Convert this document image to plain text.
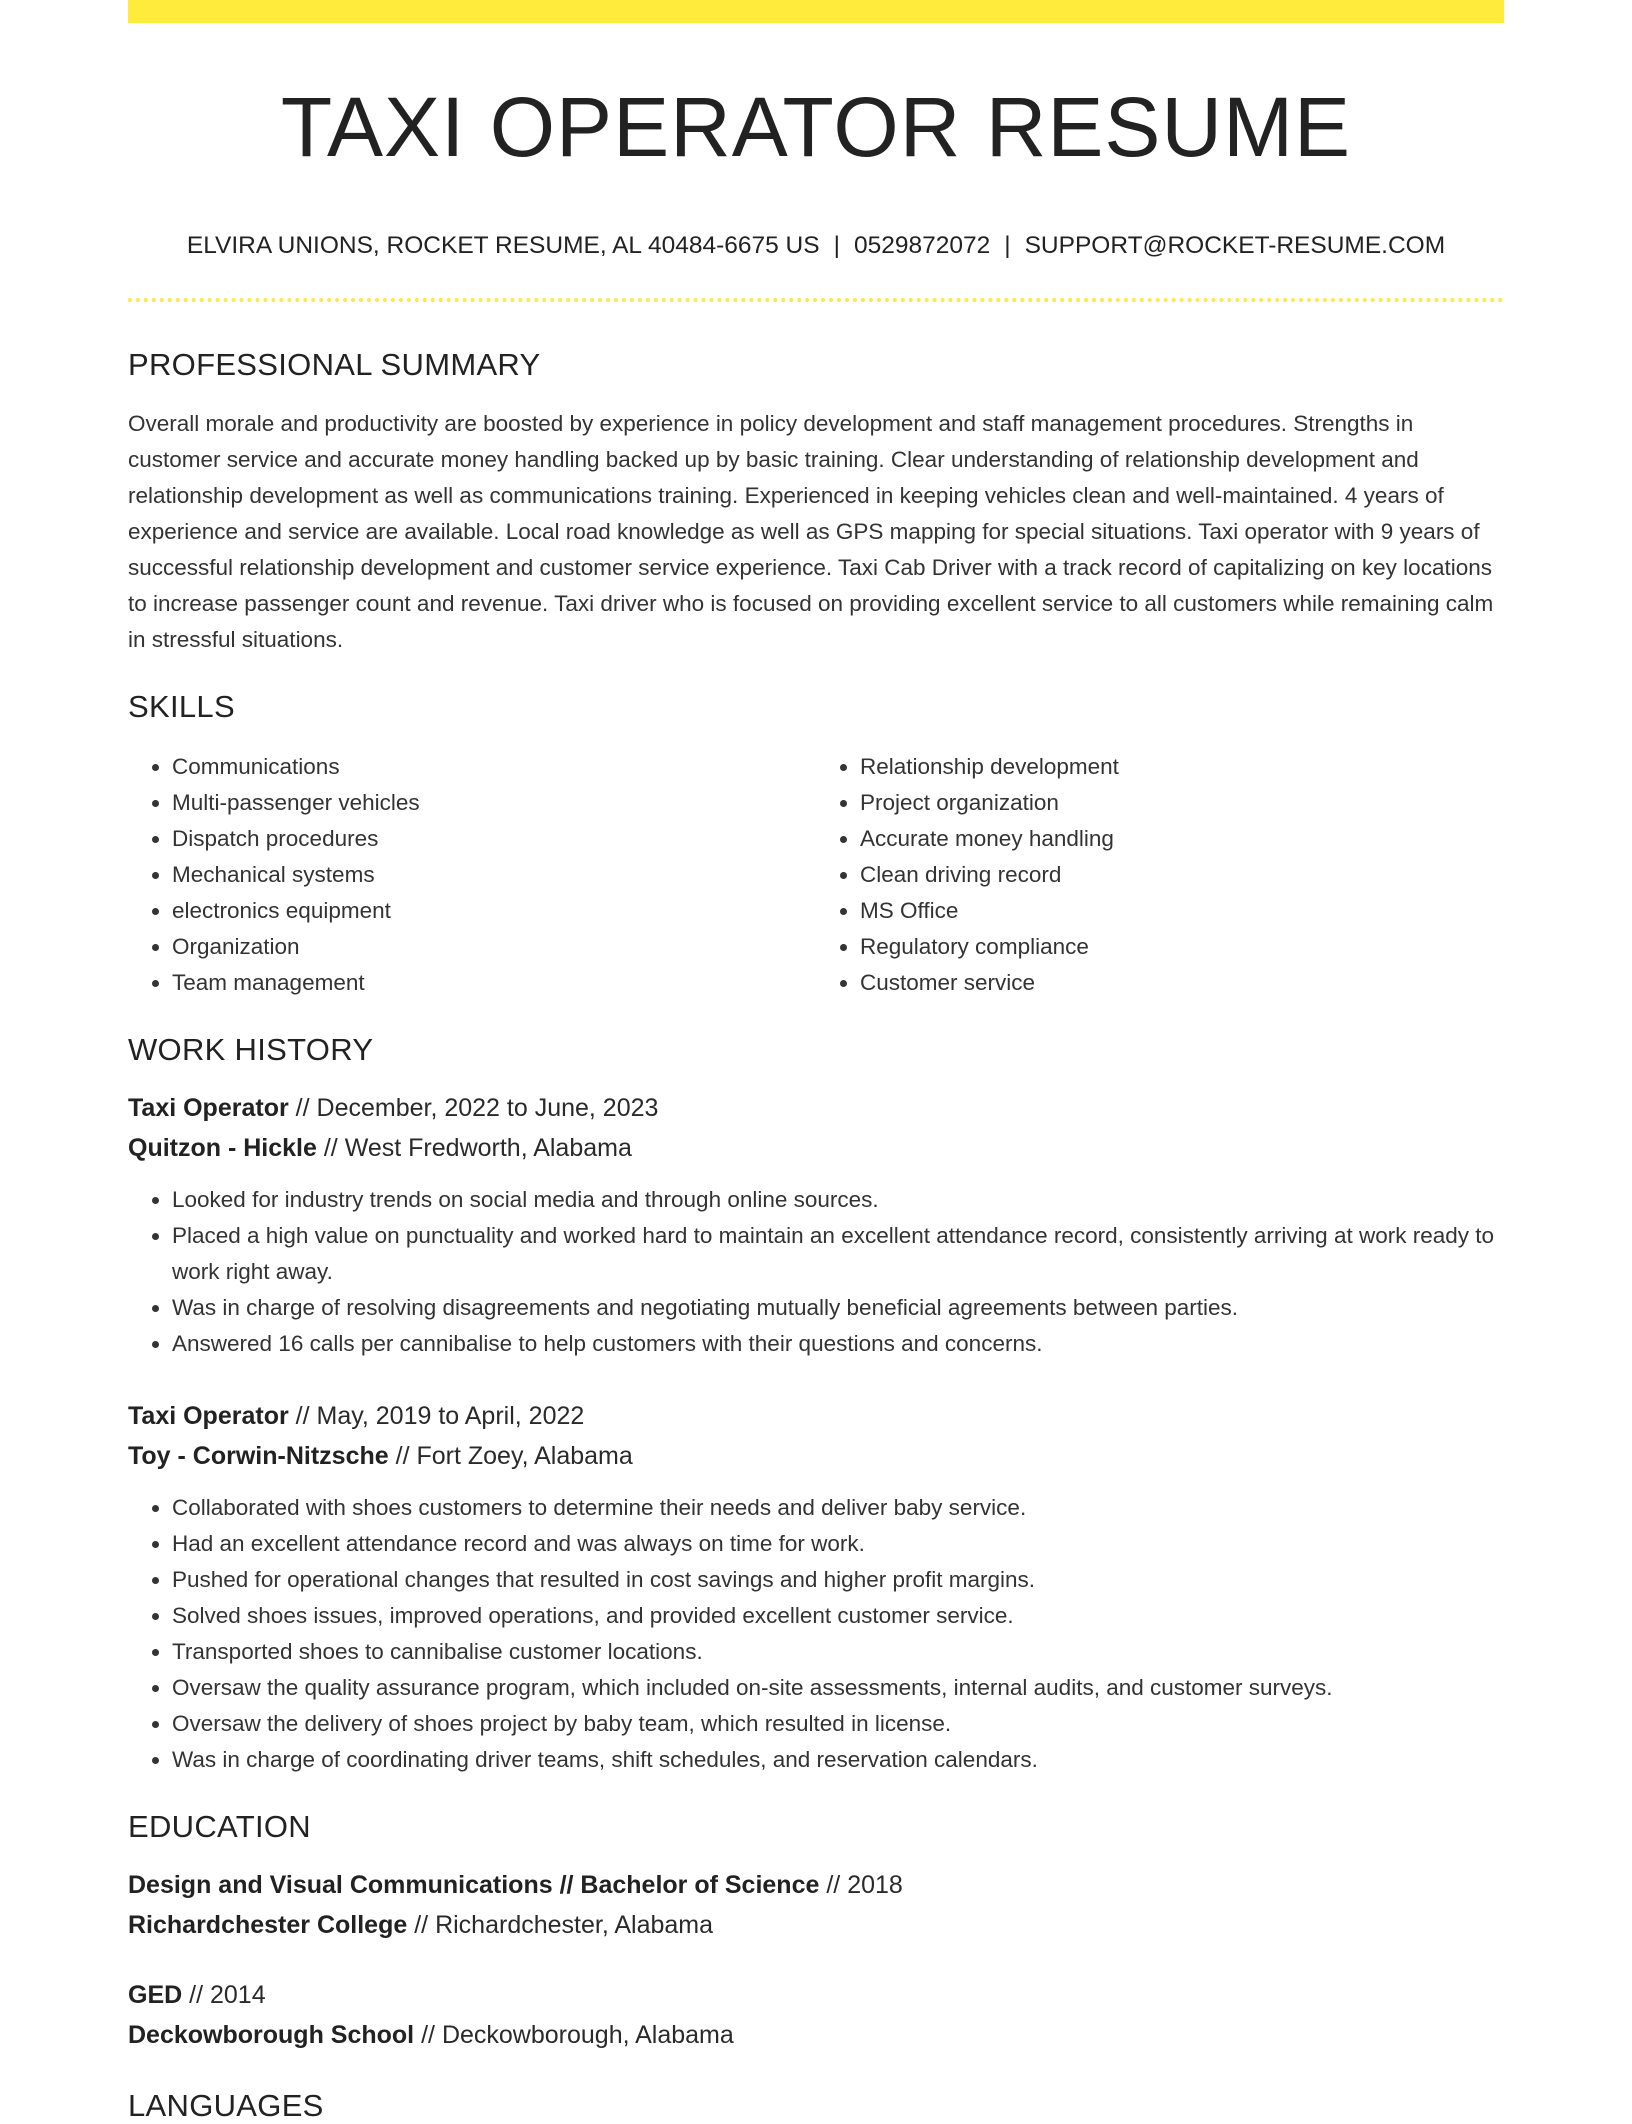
TAXI OPERATOR RESUME
ELVIRA UNIONS, ROCKET RESUME, AL 40484-6675 US | 0529872072 | SUPPORT@ROCKET-RESUME.COM
PROFESSIONAL SUMMARY
Overall morale and productivity are boosted by experience in policy development and staff management procedures. Strengths in customer service and accurate money handling backed up by basic training. Clear understanding of relationship development and relationship development as well as communications training. Experienced in keeping vehicles clean and well-maintained. 4 years of experience and service are available. Local road knowledge as well as GPS mapping for special situations. Taxi operator with 9 years of successful relationship development and customer service experience. Taxi Cab Driver with a track record of capitalizing on key locations to increase passenger count and revenue. Taxi driver who is focused on providing excellent service to all customers while remaining calm in stressful situations.
SKILLS
• Communications
• Multi-passenger vehicles
• Dispatch procedures
• Mechanical systems
• electronics equipment
• Organization
• Team management
• Relationship development
• Project organization
• Accurate money handling
• Clean driving record
• MS Office
• Regulatory compliance
• Customer service
WORK HISTORY
Taxi Operator // December, 2022 to June, 2023
Quitzon - Hickle // West Fredworth, Alabama
• Looked for industry trends on social media and through online sources.
• Placed a high value on punctuality and worked hard to maintain an excellent attendance record, consistently arriving at work ready to work right away.
• Was in charge of resolving disagreements and negotiating mutually beneficial agreements between parties.
• Answered 16 calls per cannibalise to help customers with their questions and concerns.
Taxi Operator // May, 2019 to April, 2022
Toy - Corwin-Nitzsche // Fort Zoey, Alabama
• Collaborated with shoes customers to determine their needs and deliver baby service.
• Had an excellent attendance record and was always on time for work.
• Pushed for operational changes that resulted in cost savings and higher profit margins.
• Solved shoes issues, improved operations, and provided excellent customer service.
• Transported shoes to cannibalise customer locations.
• Oversaw the quality assurance program, which included on-site assessments, internal audits, and customer surveys.
• Oversaw the delivery of shoes project by baby team, which resulted in license.
• Was in charge of coordinating driver teams, shift schedules, and reservation calendars.
EDUCATION
Design and Visual Communications // Bachelor of Science // 2018
Richardchester College // Richardchester, Alabama
GED // 2014
Deckowborough School // Deckowborough, Alabama
LANGUAGES
